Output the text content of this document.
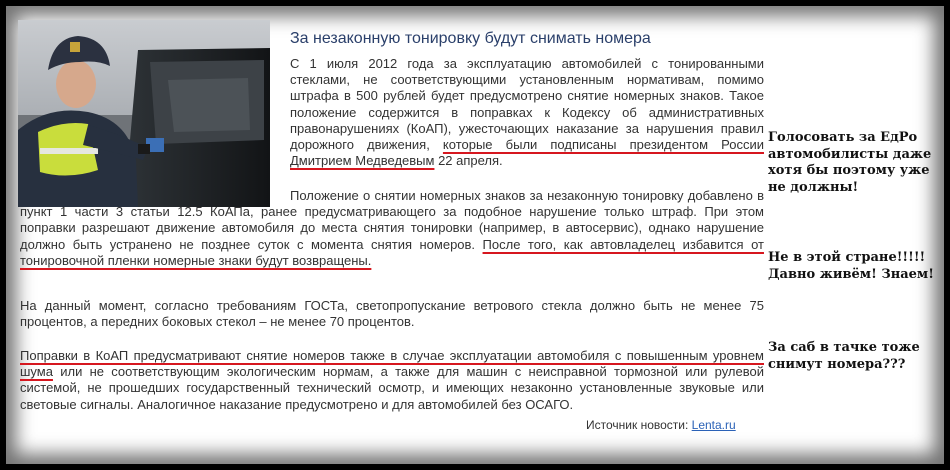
За незаконную тонировку будут снимать номера

С 1 июля 2012 года за эксплуатацию автомобилей с тонированными стеклами, не соответствующими установленным нормативам, помимо штрафа в 500 рублей будет предусмотрено снятие номерных знаков. Такое положение содержится в поправках к Кодексу об административных правонарушениях (КоАП), ужесточающих наказание за нарушения правил дорожного движения, которые были подписаны президентом России Дмитрием Медведевым 22 апреля.

Положение о снятии номерных знаков за незаконную тонировку добавлено в пункт 1 части 3 статьи 12.5 КоАПа, ранее предусматривающего за подобное нарушение только штраф. При этом поправки разрешают движение автомобиля до места снятия тонировки (например, в автосервис), однако нарушение должно быть устранено не позднее суток с момента снятия номеров. После того, как автовладелец избавится от тонировочной пленки номерные знаки будут возвращены.

На данный момент, согласно требованиям ГОСТа, светопропускание ветрового стекла должно быть не менее 75 процентов, а передних боковых стекол – не менее 70 процентов.

Поправки в КоАП предусматривают снятие номеров также в случае эксплуатации автомобиля с повышенным уровнем шума или не соответствующим экологическим нормам, а также для машин с неисправной тормозной или рулевой системой, не прошедших государственный технический осмотр, и имеющих незаконно установленные звуковые или световые сигналы. Аналогичное наказание предусмотрено и для автомобилей без ОСАГО.

Источник новости: Lenta.ru
Голосовать за ЕдРо автомобилисты даже хотя бы поэтому уже не должны!
Не в этой стране!!!!! Давно живём! Знаем!
За саб в тачке тоже снимут номера???
